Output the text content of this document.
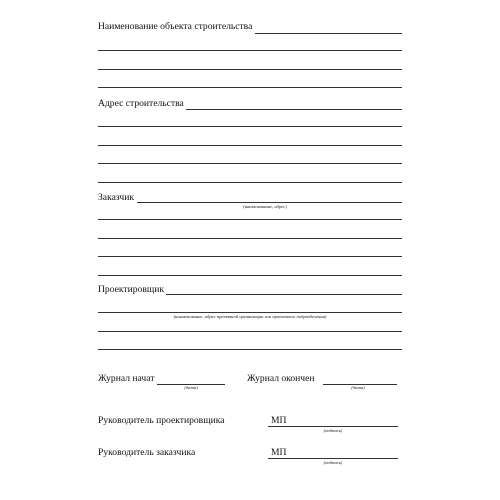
Наименование объекта строительства
Адрес строительства
Заказчик
(наименование, адрес)
Проектировщик
(наименование, адрес проектной организации или проектного подразделения)
Журнал начат
(дата)
Журнал окончен
(дата)
Руководитель проектировщика	МП
(подпись)
Руководитель заказчика	МП
(подпись)
